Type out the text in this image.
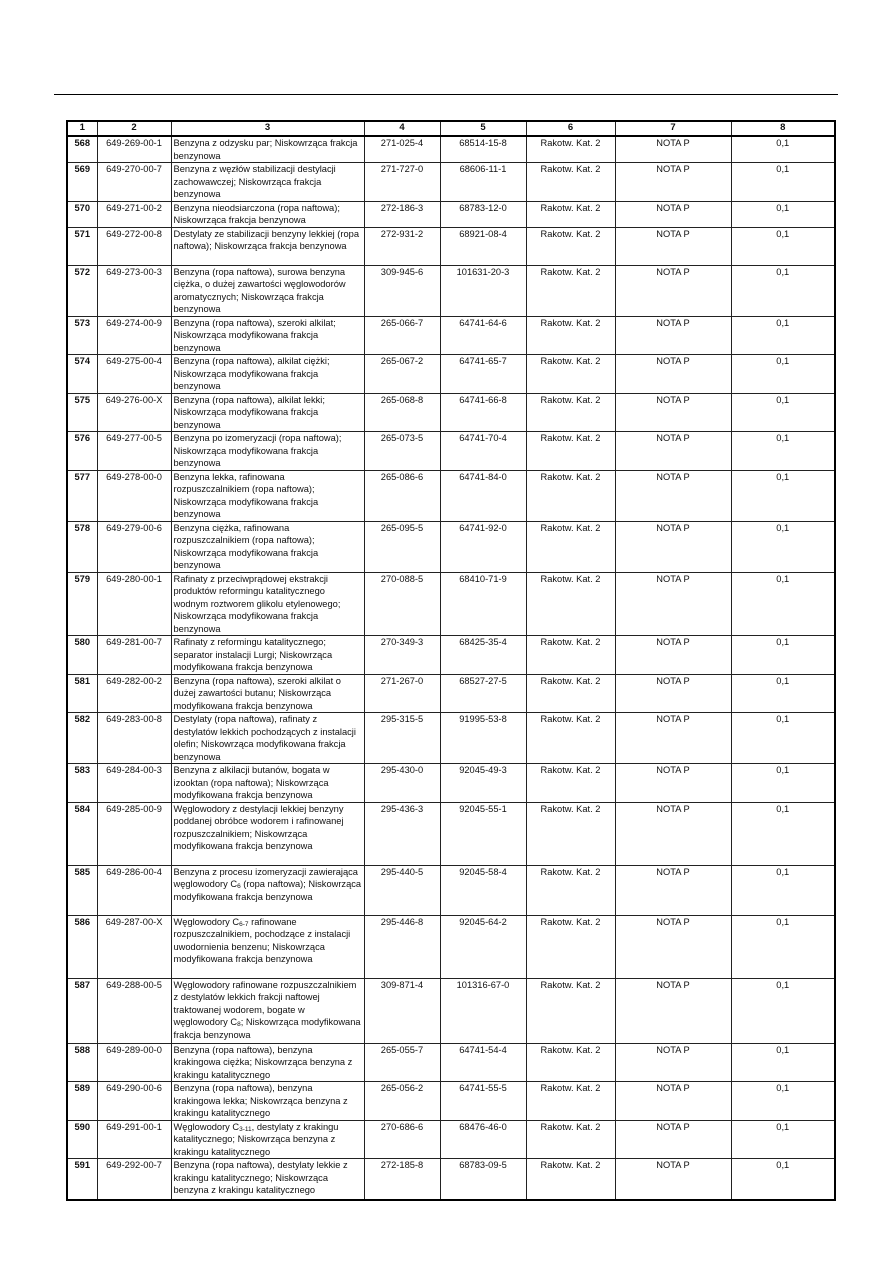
1	2	3	4	5	6	7	8
568	649-269-00-1	Benzyna z odzysku par; Niskowrząca frakcja benzynowa	271-025-4	68514-15-8	Rakotw. Kat. 2	NOTA P	0,1
569	649-270-00-7	Benzyna z węzłów stabilizacji destylacji zachowawczej; Niskowrząca frakcja benzynowa	271-727-0	68606-11-1	Rakotw. Kat. 2	NOTA P	0,1
570	649-271-00-2	Benzyna nieodsiarczona (ropa naftowa); Niskowrząca frakcja benzynowa	272-186-3	68783-12-0	Rakotw. Kat. 2	NOTA P	0,1
571	649-272-00-8	Destylaty ze stabilizacji benzyny lekkiej (ropa naftowa); Niskowrząca frakcja benzynowa	272-931-2	68921-08-4	Rakotw. Kat. 2	NOTA P	0,1
572	649-273-00-3	Benzyna (ropa naftowa), surowa benzyna ciężka, o dużej zawartości węglowodorów aromatycznych; Niskowrząca frakcja benzynowa	309-945-6	101631-20-3	Rakotw. Kat. 2	NOTA P	0,1
573	649-274-00-9	Benzyna (ropa naftowa), szeroki alkilat; Niskowrząca modyfikowana frakcja benzynowa	265-066-7	64741-64-6	Rakotw. Kat. 2	NOTA P	0,1
574	649-275-00-4	Benzyna (ropa naftowa), alkilat ciężki; Niskowrząca modyfikowana frakcja benzynowa	265-067-2	64741-65-7	Rakotw. Kat. 2	NOTA P	0,1
575	649-276-00-X	Benzyna (ropa naftowa), alkilat lekki; Niskowrząca modyfikowana frakcja benzynowa	265-068-8	64741-66-8	Rakotw. Kat. 2	NOTA P	0,1
576	649-277-00-5	Benzyna po izomeryzacji (ropa naftowa); Niskowrząca modyfikowana frakcja benzynowa	265-073-5	64741-70-4	Rakotw. Kat. 2	NOTA P	0,1
577	649-278-00-0	Benzyna lekka, rafinowana rozpuszczalnikiem (ropa naftowa); Niskowrząca modyfikowana frakcja benzynowa	265-086-6	64741-84-0	Rakotw. Kat. 2	NOTA P	0,1
578	649-279-00-6	Benzyna ciężka, rafinowana rozpuszczalnikiem (ropa naftowa); Niskowrząca modyfikowana frakcja benzynowa	265-095-5	64741-92-0	Rakotw. Kat. 2	NOTA P	0,1
579	649-280-00-1	Rafinaty z przeciwprądowej ekstrakcji produktów reformingu katalitycznego wodnym roztworem glikolu etylenowego; Niskowrząca modyfikowana frakcja benzynowa	270-088-5	68410-71-9	Rakotw. Kat. 2	NOTA P	0,1
580	649-281-00-7	Rafinaty z reformingu katalitycznego; separator instalacji Lurgi; Niskowrząca modyfikowana frakcja benzynowa	270-349-3	68425-35-4	Rakotw. Kat. 2	NOTA P	0,1
581	649-282-00-2	Benzyna (ropa naftowa), szeroki alkilat o dużej zawartości butanu; Niskowrząca modyfikowana frakcja benzynowa	271-267-0	68527-27-5	Rakotw. Kat. 2	NOTA P	0,1
582	649-283-00-8	Destylaty (ropa naftowa), rafinaty z destylatów lekkich pochodzących z instalacji olefin; Niskowrząca modyfikowana frakcja benzynowa	295-315-5	91995-53-8	Rakotw. Kat. 2	NOTA P	0,1
583	649-284-00-3	Benzyna z alkilacji butanów, bogata w izooktan (ropa naftowa); Niskowrząca modyfikowana frakcja benzynowa	295-430-0	92045-49-3	Rakotw. Kat. 2	NOTA P	0,1
584	649-285-00-9	Węglowodory z destylacji lekkiej benzyny poddanej obróbce wodorem i rafinowanej rozpuszczalnikiem; Niskowrząca modyfikowana frakcja benzynowa	295-436-3	92045-55-1	Rakotw. Kat. 2	NOTA P	0,1
585	649-286-00-4	Benzyna z procesu izomeryzacji zawierająca węglowodory $C_6$ (ropa naftowa); Niskowrząca modyfikowana frakcja benzynowa	295-440-5	92045-58-4	Rakotw. Kat. 2	NOTA P	0,1
586	649-287-00-X	Węglowodory $C_{6-7}$ rafinowane rozpuszczalnikiem, pochodzące z instalacji uwodornienia benzenu; Niskowrząca modyfikowana frakcja benzynowa	295-446-8	92045-64-2	Rakotw. Kat. 2	NOTA P	0,1
587	649-288-00-5	Węglowodory rafinowane rozpuszczalnikiem z destylatów lekkich frakcji naftowej traktowanej wodorem, bogate w węglowodory $C_8$; Niskowrząca modyfikowana frakcja benzynowa	309-871-4	101316-67-0	Rakotw. Kat. 2	NOTA P	0,1
588	649-289-00-0	Benzyna (ropa naftowa), benzyna krakingowa ciężka; Niskowrząca benzyna z krakingu katalitycznego	265-055-7	64741-54-4	Rakotw. Kat. 2	NOTA P	0,1
589	649-290-00-6	Benzyna (ropa naftowa), benzyna krakingowa lekka; Niskowrząca benzyna z krakingu katalitycznego	265-056-2	64741-55-5	Rakotw. Kat. 2	NOTA P	0,1
590	649-291-00-1	Węglowodory $C_{3-11}$, destylaty z krakingu katalitycznego; Niskowrząca benzyna z krakingu katalitycznego	270-686-6	68476-46-0	Rakotw. Kat. 2	NOTA P	0,1
591	649-292-00-7	Benzyna (ropa naftowa), destylaty lekkie z krakingu katalitycznego; Niskowrząca benzyna z krakingu katalitycznego	272-185-8	68783-09-5	Rakotw. Kat. 2	NOTA P	0,1
